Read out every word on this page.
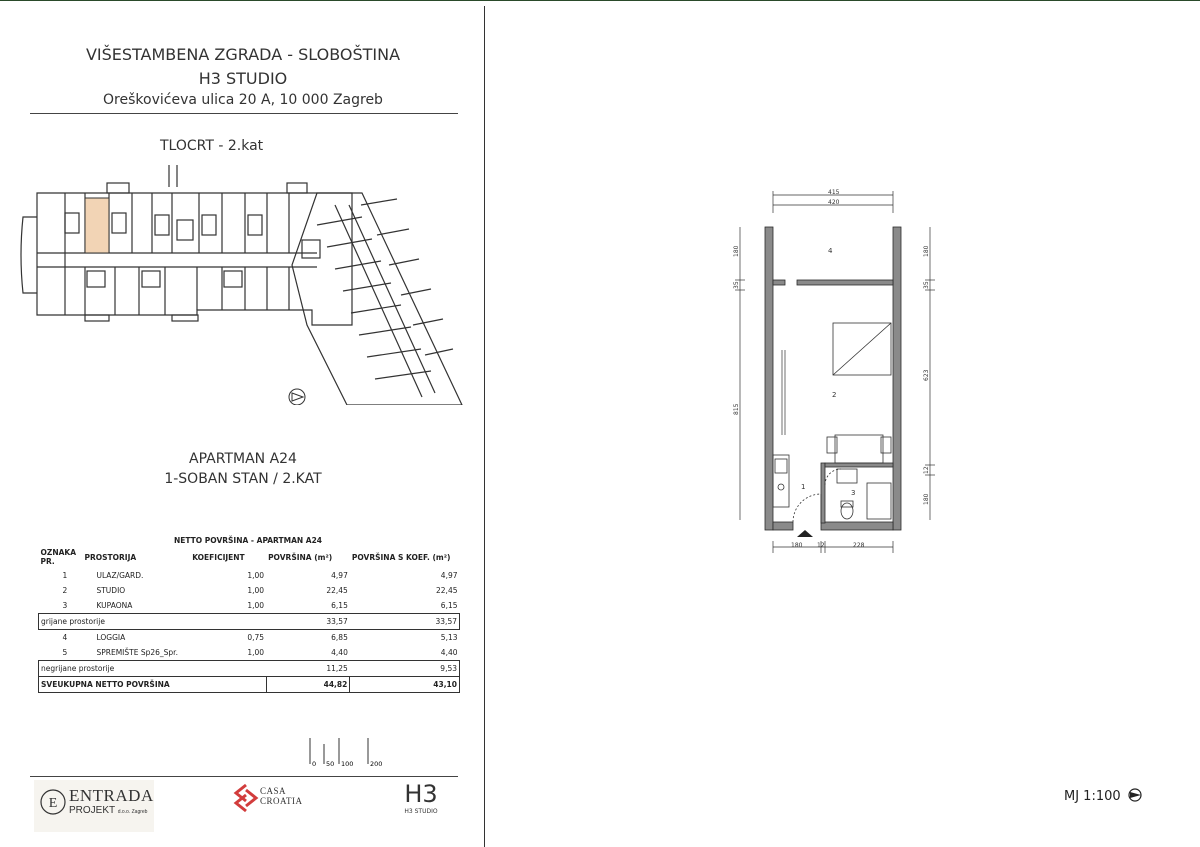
VIŠESTAMBENA ZGRADA - SLOBOŠTINA
H3 STUDIO
Oreškovićeva ulica 20 A, 10 000 Zagreb
TLOCRT - 2.kat
APARTMAN A24
1-SOBAN STAN / 2.KAT
NETTO POVRŠINA - APARTMAN A24
OZNAKA PR.	PROSTORIJA	KOEFICIJENT	POVRŠINA (m²)	POVRŠINA S KOEF. (m²)
1	ULAZ/GARD.	1,00	4,97	4,97
2	STUDIO	1,00	22,45	22,45
3	KUPAONA	1,00	6,15	6,15
grijane prostorije			33,57	33,57
4	LOGGIA	0,75	6,85	5,13
5	SPREMIŠTE Sp26_Spr.	1,00	4,40	4,40
negrijane prostorije			11,25	9,53
SVEUKUPNA NETTO POVRŠINA			44,82	43,10
0 50 100	200
E ENTRADA
PROJEKT d.o.o. Zagreb
CASA
CROATIA	H3
H3 STUDIO
415
420
180 12	228
180
35
815
180
35
623
12
180
4
2
1
3
MJ 1:100
